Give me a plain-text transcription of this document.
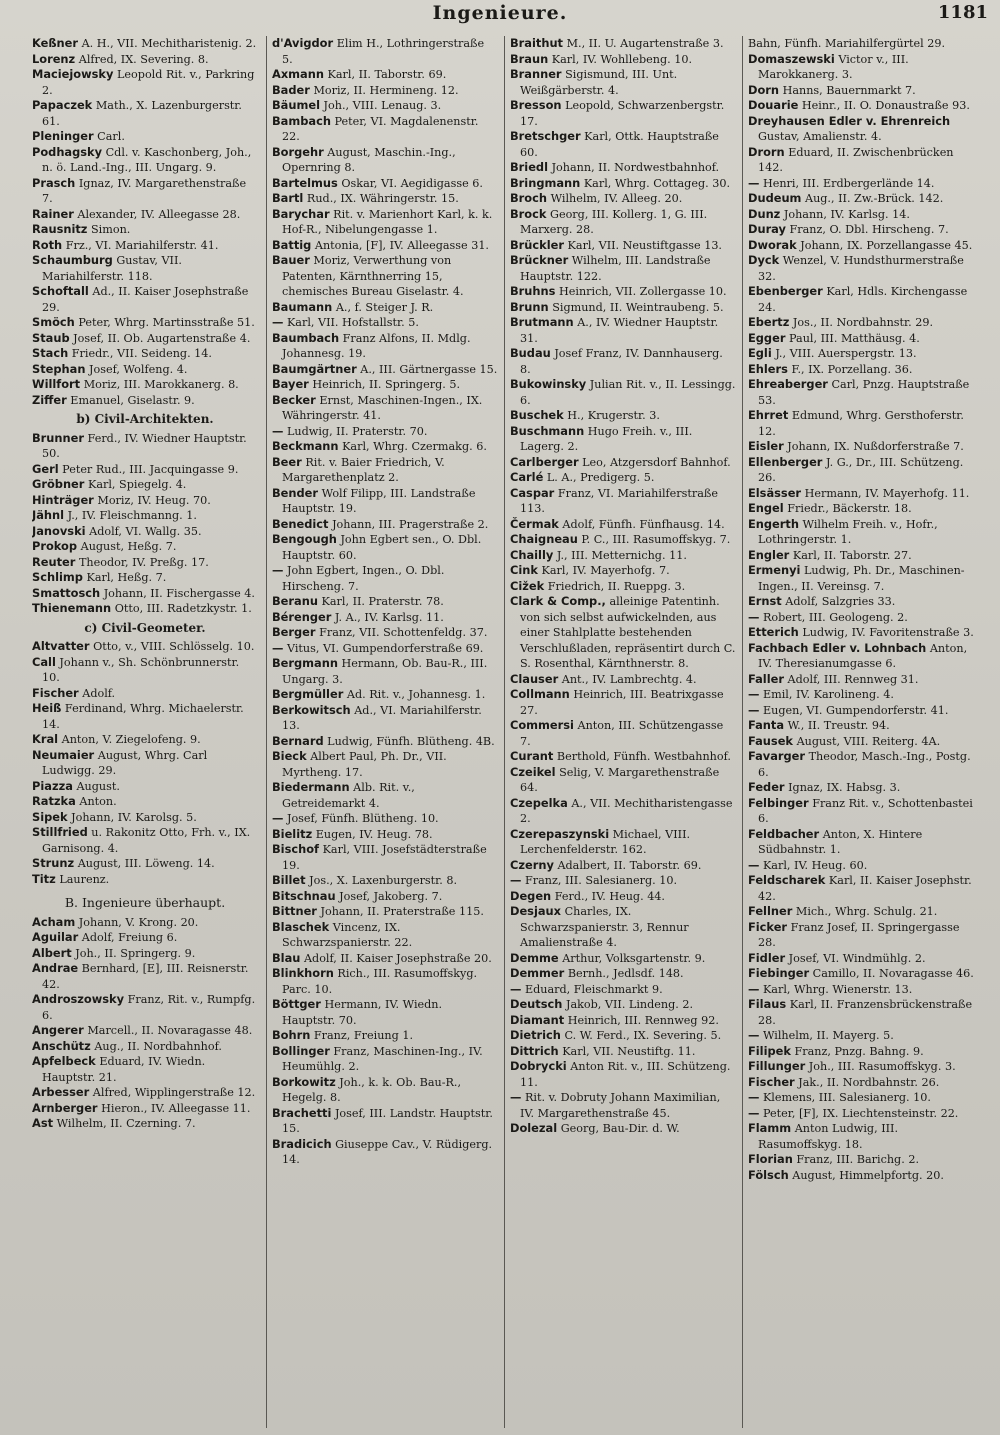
Ingenieure.	1181

Keßner A. H., VII. Mechitharistenig. 2.

Lorenz Alfred, IX. Severing. 8.

Maciejowsky Leopold Rit. v., Parkring 2.

Papaczek Math., X. Lazenburgerstr. 61.

Pleninger Carl.

Podhagsky Cdl. v. Kaschonberg, Joh., n. ö. Land.-Ing., III. Ungarg. 9.

Prasch Ignaz, IV. Margarethenstraße 7.

Rainer Alexander, IV. Alleegasse 28.

Rausnitz Simon.

Roth Frz., VI. Mariahilferstr. 41.

Schaumburg Gustav, VII. Mariahilferstr. 118.

Schoftall Ad., II. Kaiser Josephstraße 29.

Smöch Peter, Whrg. Martinsstraße 51.

Staub Josef, II. Ob. Augartenstraße 4.

Stach Friedr., VII. Seideng. 14.

Stephan Josef, Wolfeng. 4.

Willfort Moriz, III. Marokkanerg. 8.

Ziffer Emanuel, Giselastr. 9.

b) Civil-Architekten.

Brunner Ferd., IV. Wiedner Hauptstr. 50.

Gerl Peter Rud., III. Jacquingasse 9.

Gröbner Karl, Spiegelg. 4.

Hinträger Moriz, IV. Heug. 70.

Jähnl J., IV. Fleischmanng. 1.

Janovski Adolf, VI. Wallg. 35.

Prokop August, Heßg. 7.

Reuter Theodor, IV. Preßg. 17.

Schlimp Karl, Heßg. 7.

Smattosch Johann, II. Fischergasse 4.

Thienemann Otto, III. Radetzkystr. 1.

c) Civil-Geometer.

Altvatter Otto, v., VIII. Schlösselg. 10.

Call Johann v., Sh. Schönbrunnerstr. 10.

Fischer Adolf.

Heiß Ferdinand, Whrg. Michaelerstr. 14.

Kral Anton, V. Ziegelofeng. 9.

Neumaier August, Whrg. Carl Ludwigg. 29.

Piazza August.

Ratzka Anton.

Sipek Johann, IV. Karolsg. 5.

Stillfried u. Rakonitz Otto, Frh. v., IX. Garnisong. 4.

Strunz August, III. Löweng. 14.

Titz Laurenz.

B. Ingenieure überhaupt.

Acham Johann, V. Krong. 20.

Aguilar Adolf, Freiung 6.

Albert Joh., II. Springerg. 9.

Andrae Bernhard, [E], III. Reisnerstr. 42.

Androszowsky Franz, Rit. v., Rumpfg. 6.

Angerer Marcell., II. Novaragasse 48.

Anschütz Aug., II. Nordbahnhof.

Apfelbeck Eduard, IV. Wiedn. Hauptstr. 21.

Arbesser Alfred, Wipplingerstraße 12.

Arnberger Hieron., IV. Alleegasse 11.

Ast Wilhelm, II. Czerning. 7.

d'Avigdor Elim H., Lothringerstraße 5.

Axmann Karl, II. Taborstr. 69.

Bader Moriz, II. Hermineng. 12.

Bäumel Joh., VIII. Lenaug. 3.

Bambach Peter, VI. Magdalenenstr. 22.

Borgehr August, Maschin.-Ing., Opernring 8.

Bartelmus Oskar, VI. Aegidigasse 6.

Bartl Rud., IX. Währingerstr. 15.

Barychar Rit. v. Marienhort Karl, k. k. Hof-R., Nibelungengasse 1.

Battig Antonia, [F], IV. Alleegasse 31.

Bauer Moriz, Verwerthung von Patenten, Kärnthnerring 15, chemisches Bureau Giselastr. 4.

Baumann A., f. Steiger J. R.

— Karl, VII. Hofstallstr. 5.

Baumbach Franz Alfons, II. Mdlg. Johannesg. 19.

Baumgärtner A., III. Gärtnergasse 15.

Bayer Heinrich, II. Springerg. 5.

Becker Ernst, Maschinen-Ingen., IX. Währingerstr. 41.

— Ludwig, II. Praterstr. 70.

Beckmann Karl, Whrg. Czermakg. 6.

Beer Rit. v. Baier Friedrich, V. Margarethenplatz 2.

Bender Wolf Filipp, III. Landstraße Hauptstr. 19.

Benedict Johann, III. Pragerstraße 2.

Bengough John Egbert sen., O. Dbl. Hauptstr. 60.

— John Egbert, Ingen., O. Dbl. Hirscheng. 7.

Beranu Karl, II. Praterstr. 78.

Bérenger J. A., IV. Karlsg. 11.

Berger Franz, VII. Schottenfeldg. 37.

— Vitus, VI. Gumpendorferstraße 69.

Bergmann Hermann, Ob. Bau-R., III. Ungarg. 3.

Bergmüller Ad. Rit. v., Johannesg. 1.

Berkowitsch Ad., VI. Mariahilferstr. 13.

Bernard Ludwig, Fünfh. Blütheng. 4B.

Bieck Albert Paul, Ph. Dr., VII. Myrtheng. 17.

Biedermann Alb. Rit. v., Getreidemarkt 4.

— Josef, Fünfh. Blütheng. 10.

Bielitz Eugen, IV. Heug. 78.

Bischof Karl, VIII. Josefstädterstraße 19.

Billet Jos., X. Laxenburgerstr. 8.

Bitschnau Josef, Jakoberg. 7.

Bittner Johann, II. Praterstraße 115.

Blaschek Vincenz, IX. Schwarzspanierstr. 22.

Blau Adolf, II. Kaiser Josephstraße 20.

Blinkhorn Rich., III. Rasumoffskyg. Parc. 10.

Böttger Hermann, IV. Wiedn. Hauptstr. 70.

Bohrn Franz, Freiung 1.

Bollinger Franz, Maschinen-Ing., IV. Heumühlg. 2.

Borkowitz Joh., k. k. Ob. Bau-R., Hegelg. 8.

Brachetti Josef, III. Landstr. Hauptstr. 15.

Bradicich Giuseppe Cav., V. Rüdigerg. 14.

Braithut M., II. U. Augartenstraße 3.

Braun Karl, IV. Wohllebeng. 10.

Branner Sigismund, III. Unt. Weißgärberstr. 4.

Bresson Leopold, Schwarzenbergstr. 17.

Bretschger Karl, Ottk. Hauptstraße 60.

Briedl Johann, II. Nordwestbahnhof.

Bringmann Karl, Whrg. Cottageg. 30.

Broch Wilhelm, IV. Alleeg. 20.

Brock Georg, III. Kollerg. 1, G. III. Marxerg. 28.

Brückler Karl, VII. Neustiftgasse 13.

Brückner Wilhelm, III. Landstraße Hauptstr. 122.

Bruhns Heinrich, VII. Zollergasse 10.

Brunn Sigmund, II. Weintraubeng. 5.

Brutmann A., IV. Wiedner Hauptstr. 31.

Budau Josef Franz, IV. Dannhauserg. 8.

Bukowinsky Julian Rit. v., II. Lessingg. 6.

Buschek H., Krugerstr. 3.

Buschmann Hugo Freih. v., III. Lagerg. 2.

Carlberger Leo, Atzgersdorf Bahnhof.

Carlé L. A., Predigerg. 5.

Caspar Franz, VI. Mariahilferstraße 113.

Čermak Adolf, Fünfh. Fünfhausg. 14.

Chaigneau P. C., III. Rasumoffskyg. 7.

Chailly J., III. Metternichg. 11.

Cink Karl, IV. Mayerhofg. 7.

Cižek Friedrich, II. Rueppg. 3.

Clark & Comp., alleinige Patentinh. von sich selbst aufwickelnden, aus einer Stahlplatte bestehenden Verschlußladen, repräsentirt durch C. S. Rosenthal, Kärnthnerstr. 8.

Clauser Ant., IV. Lambrechtg. 4.

Collmann Heinrich, III. Beatrixgasse 27.

Commersi Anton, III. Schützengasse 7.

Curant Berthold, Fünfh. Westbahnhof.

Czeikel Selig, V. Margarethenstraße 64.

Czepelka A., VII. Mechitharistengasse 2.

Czerepaszynski Michael, VIII. Lerchenfelderstr. 162.

Czerny Adalbert, II. Taborstr. 69.

— Franz, III. Salesianerg. 10.

Degen Ferd., IV. Heug. 44.

Desjaux Charles, IX. Schwarzspanierstr. 3, Rennur Amalienstraße 4.

Demme Arthur, Volksgartenstr. 9.

Demmer Bernh., Jedlsdf. 148.

— Eduard, Fleischmarkt 9.

Deutsch Jakob, VII. Lindeng. 2.

Diamant Heinrich, III. Rennweg 92.

Dietrich C. W. Ferd., IX. Severing. 5.

Dittrich Karl, VII. Neustiftg. 11.

Dobrycki Anton Rit. v., III. Schützeng. 11.

— Rit. v. Dobruty Johann Maximilian, IV. Margarethenstraße 45.

Dolezal Georg, Bau-Dir. d. W.

Bahn, Fünfh. Mariahilfergürtel 29.

Domaszewski Victor v., III. Marokkanerg. 3.

Dorn Hanns, Bauernmarkt 7.

Douarie Heinr., II. O. Donaustraße 93.

Dreyhausen Edler v. Ehrenreich Gustav, Amalienstr. 4.

Drorn Eduard, II. Zwischenbrücken 142.

— Henri, III. Erdbergerlände 14.

Dudeum Aug., II. Zw.-Brück. 142.

Dunz Johann, IV. Karlsg. 14.

Duray Franz, O. Dbl. Hirscheng. 7.

Dworak Johann, IX. Porzellangasse 45.

Dyck Wenzel, V. Hundsthurmerstraße 32.

Ebenberger Karl, Hdls. Kirchengasse 24.

Ebertz Jos., II. Nordbahnstr. 29.

Egger Paul, III. Matthäusg. 4.

Egli J., VIII. Auerspergstr. 13.

Ehlers F., IX. Porzellang. 36.

Ehreaberger Carl, Pnzg. Hauptstraße 53.

Ehrret Edmund, Whrg. Gersthoferstr. 12.

Eisler Johann, IX. Nußdorferstraße 7.

Ellenberger J. G., Dr., III. Schützeng. 26.

Elsässer Hermann, IV. Mayerhofg. 11.

Engel Friedr., Bäckerstr. 18.

Engerth Wilhelm Freih. v., Hofr., Lothringerstr. 1.

Engler Karl, II. Taborstr. 27.

Ermenyi Ludwig, Ph. Dr., Maschinen-Ingen., II. Vereinsg. 7.

Ernst Adolf, Salzgries 33.

— Robert, III. Geologeng. 2.

Etterich Ludwig, IV. Favoritenstraße 3.

Fachbach Edler v. Lohnbach Anton, IV. Theresianumgasse 6.

Faller Adolf, III. Rennweg 31.

— Emil, IV. Karolineng. 4.

— Eugen, VI. Gumpendorferstr. 41.

Fanta W., II. Treustr. 94.

Fausek August, VIII. Reiterg. 4A.

Favarger Theodor, Masch.-Ing., Postg. 6.

Feder Ignaz, IX. Habsg. 3.

Felbinger Franz Rit. v., Schottenbastei 6.

Feldbacher Anton, X. Hintere Südbahnstr. 1.

— Karl, IV. Heug. 60.

Feldscharek Karl, II. Kaiser Josephstr. 42.

Fellner Mich., Whrg. Schulg. 21.

Ficker Franz Josef, II. Springergasse 28.

Fidler Josef, VI. Windmühlg. 2.

Fiebinger Camillo, II. Novaragasse 46.

— Karl, Whrg. Wienerstr. 13.

Filaus Karl, II. Franzensbrückenstraße 28.

— Wilhelm, II. Mayerg. 5.

Filipek Franz, Pnzg. Bahng. 9.

Fillunger Joh., III. Rasumoffskyg. 3.

Fischer Jak., II. Nordbahnstr. 26.

— Klemens, III. Salesianerg. 10.

— Peter, [F], IX. Liechtensteinstr. 22.

Flamm Anton Ludwig, III. Rasumoffskyg. 18.

Florian Franz, III. Barichg. 2.

Fölsch August, Himmelpfortg. 20.
